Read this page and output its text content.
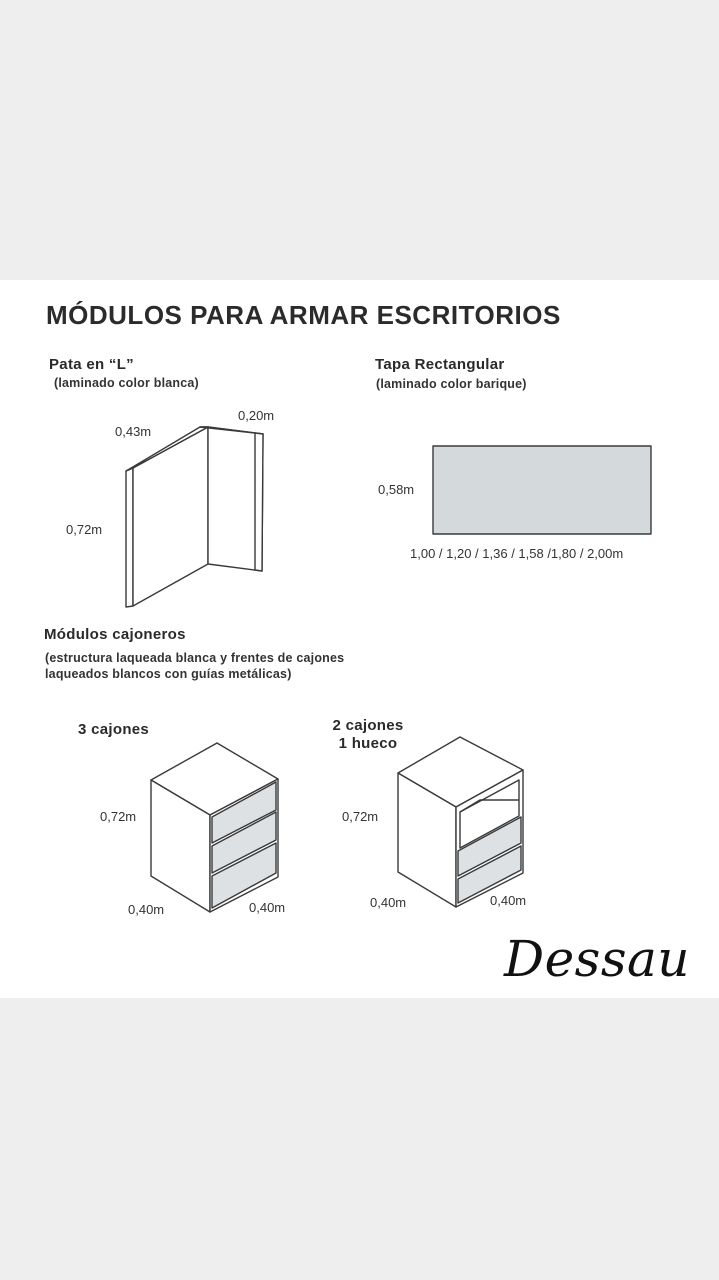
MÓDULOS PARA ARMAR ESCRITORIOS
Pata en “L”
(laminado color blanca)
0,43m
0,20m
0,72m
Tapa Rectangular
(laminado color barique)
0,58m
1,00 / 1,20 / 1,36 / 1,58 /1,80 / 2,00m
Módulos cajoneros
(estructura laqueada blanca y frentes de cajones
laqueados blancos con guías metálicas)
3 cajones
0,72m
0,40m	0,40m
2 cajones
1 hueco
0,72m
0,40m	0,40m
Dessau
